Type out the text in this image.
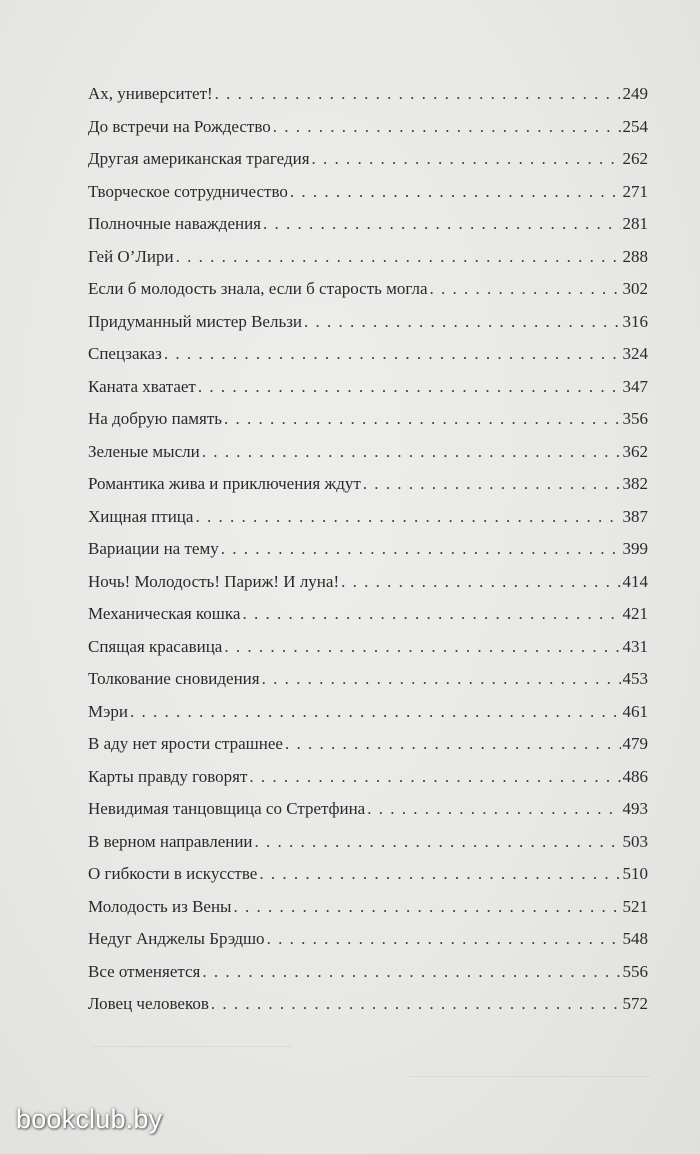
Ах, университет! . . .	249
До встречи на Рождество . . .	254
Другая американская трагедия . . .	262
Творческое сотрудничество . . .	271
Полночные наваждения . . .	281
Гей О’Лири . . .	288
Если б молодость знала, если б старость могла . . .	302
Придуманный мистер Вельзи . . .	316
Спецзаказ . . .	324
Каната хватает . . .	347
На добрую память . . .	356
Зеленые мысли . . .	362
Романтика жива и приключения ждут . . .	382
Хищная птица . . .	387
Вариации на тему . . .	399
Ночь! Молодость! Париж! И луна! . . .	414
Механическая кошка . . .	421
Спящая красавица . . .	431
Толкование сновидения . . .	453
Мэри . . .	461
В аду нет ярости страшнее . . .	479
Карты правду говорят . . .	486
Невидимая танцовщица со Стретфина . . .	493
В верном направлении . . .	503
О гибкости в искусстве . . .	510
Молодость из Вены . . .	521
Недуг Анджелы Брэдшо . . .	548
Все отменяется . . .	556
Ловец человеков . . .	572
bookclub.by
